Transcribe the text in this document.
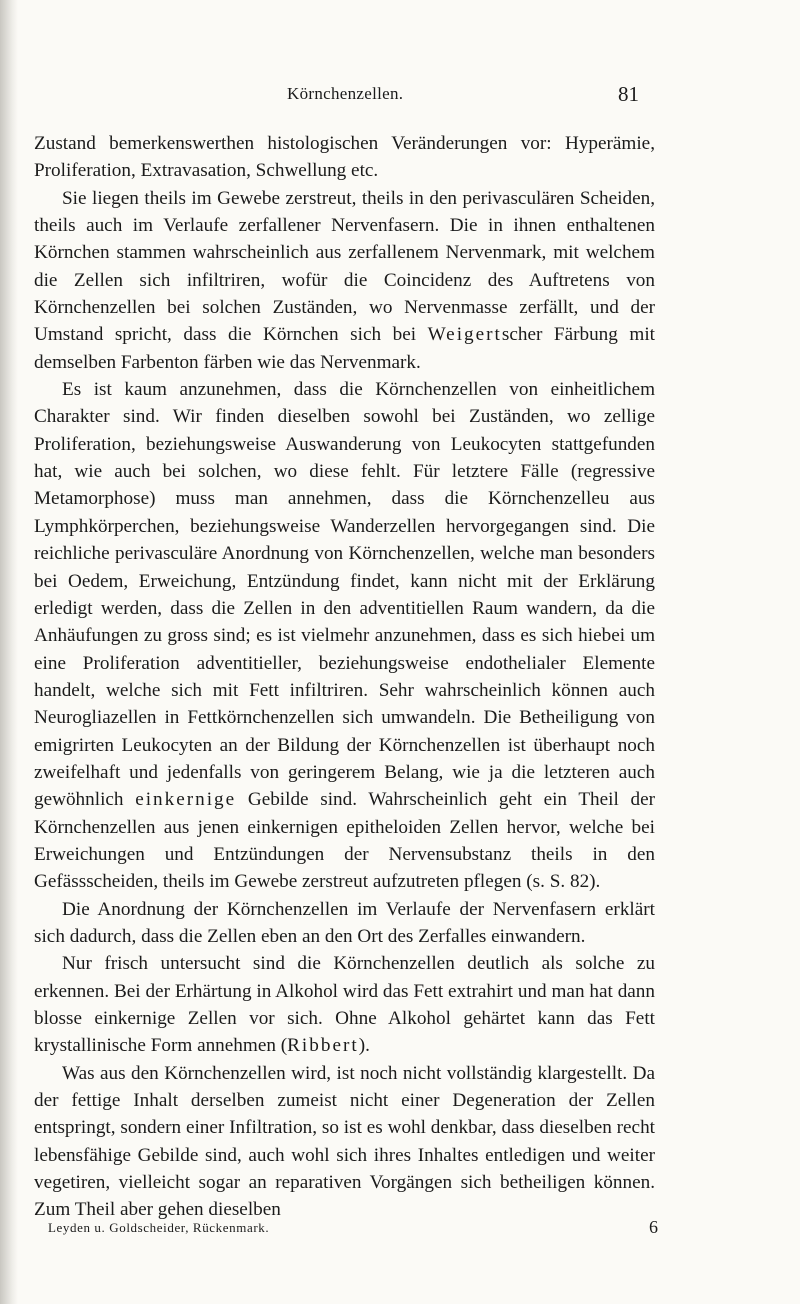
Körnchenzellen.	81

Zustand bemerkenswerthen histologischen Veränderungen vor: Hyperämie, Proliferation, Extravasation, Schwellung etc.

Sie liegen theils im Gewebe zerstreut, theils in den perivasculären Scheiden, theils auch im Verlaufe zerfallener Nervenfasern. Die in ihnen enthaltenen Körnchen stammen wahrscheinlich aus zerfallenem Nervenmark, mit welchem die Zellen sich infiltriren, wofür die Coincidenz des Auftretens von Körnchenzellen bei solchen Zuständen, wo Nervenmasse zerfällt, und der Umstand spricht, dass die Körnchen sich bei Weigertscher Färbung mit demselben Farbenton färben wie das Nervenmark.

Es ist kaum anzunehmen, dass die Körnchenzellen von einheitlichem Charakter sind. Wir finden dieselben sowohl bei Zuständen, wo zellige Proliferation, beziehungsweise Auswanderung von Leukocyten stattgefunden hat, wie auch bei solchen, wo diese fehlt. Für letztere Fälle (regressive Metamorphose) muss man annehmen, dass die Körnchenzelleu aus Lymphkörperchen, beziehungsweise Wanderzellen hervorgegangen sind. Die reichliche perivasculäre Anordnung von Körnchenzellen, welche man besonders bei Oedem, Erweichung, Entzündung findet, kann nicht mit der Erklärung erledigt werden, dass die Zellen in den adventitiellen Raum wandern, da die Anhäufungen zu gross sind; es ist vielmehr anzunehmen, dass es sich hiebei um eine Proliferation adventitieller, beziehungsweise endothelialer Elemente handelt, welche sich mit Fett infiltriren. Sehr wahrscheinlich können auch Neurogliazellen in Fettkörnchenzellen sich umwandeln. Die Betheiligung von emigrirten Leukocyten an der Bildung der Körnchenzellen ist überhaupt noch zweifelhaft und jedenfalls von geringerem Belang, wie ja die letzteren auch gewöhnlich einkernige Gebilde sind. Wahrscheinlich geht ein Theil der Körnchenzellen aus jenen einkernigen epitheloiden Zellen hervor, welche bei Erweichungen und Entzündungen der Nervensubstanz theils in den Gefässscheiden, theils im Gewebe zerstreut aufzutreten pflegen (s. S. 82).

Die Anordnung der Körnchenzellen im Verlaufe der Nervenfasern erklärt sich dadurch, dass die Zellen eben an den Ort des Zerfalles einwandern.

Nur frisch untersucht sind die Körnchenzellen deutlich als solche zu erkennen. Bei der Erhärtung in Alkohol wird das Fett extrahirt und man hat dann blosse einkernige Zellen vor sich. Ohne Alkohol gehärtet kann das Fett krystallinische Form annehmen (Ribbert).

Was aus den Körnchenzellen wird, ist noch nicht vollständig klargestellt. Da der fettige Inhalt derselben zumeist nicht einer Degeneration der Zellen entspringt, sondern einer Infiltration, so ist es wohl denkbar, dass dieselben recht lebensfähige Gebilde sind, auch wohl sich ihres Inhaltes entledigen und weiter vegetiren, vielleicht sogar an reparativen Vorgängen sich betheiligen können. Zum Theil aber gehen dieselben

Leyden u. Goldscheider, Rückenmark.	6
